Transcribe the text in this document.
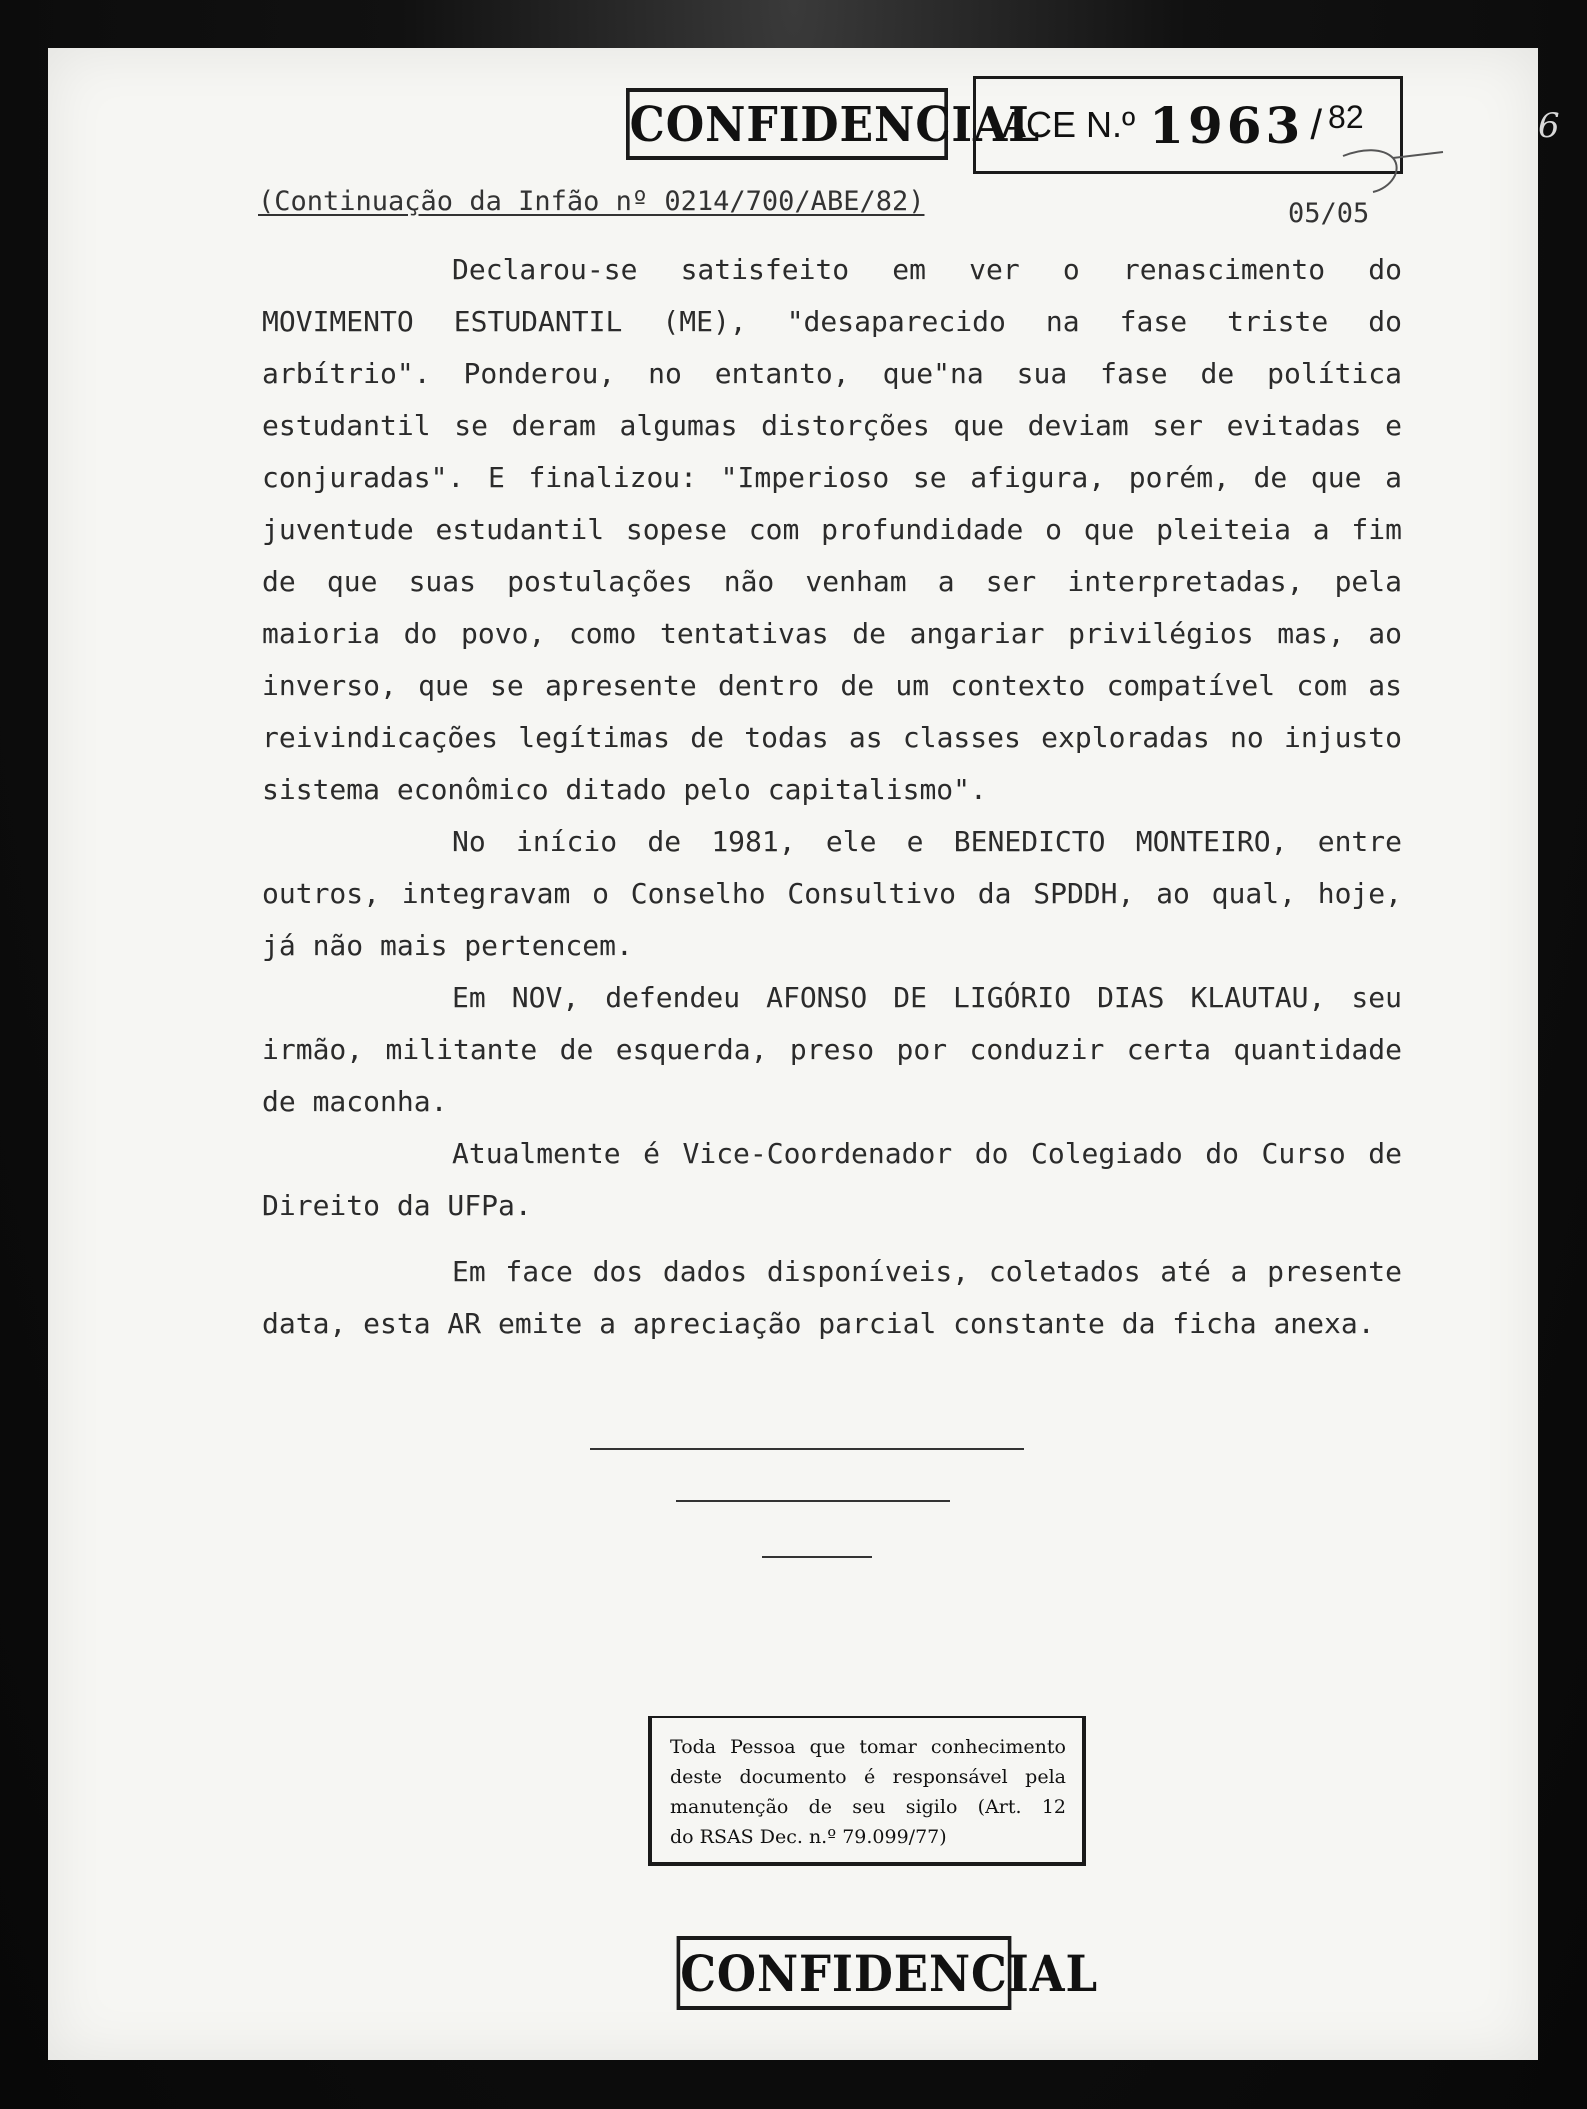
CONFIDENCIAL
ACE N.º 1963 / 82	6
(Continuação da Infão nº 0214/700/ABE/82)	05/05

Declarou-se satisfeito em ver o renascimento do MOVIMENTO ESTUDANTIL (ME), "desaparecido na fase triste do arbítrio". Ponderou, no entanto, que"na sua fase de política estudantil se deram algumas distorções que deviam ser evitadas e conjuradas". E finalizou: "Imperioso se afigura, porém, de que a juventude estudantil sopese com profundidade o que pleiteia a fim de que suas postulações não venham a ser interpretadas, pela maioria do povo, como tentativas de angariar privilégios mas, ao inverso, que se apresente dentro de um contexto compatível com as reivindicações legítimas de todas as classes exploradas no injusto sistema econômico ditado pelo capitalismo".

No início de 1981, ele e BENEDICTO MONTEIRO, entre outros, integravam o Conselho Consultivo da SPDDH, ao qual, hoje, já não mais pertencem.

Em NOV, defendeu AFONSO DE LIGÓRIO DIAS KLAUTAU, seu irmão, militante de esquerda, preso por conduzir certa quantidade de maconha.

Atualmente é Vice-Coordenador do Colegiado do Curso de Direito da UFPa.

Em face dos dados disponíveis, coletados até a presente data, esta AR emite a apreciação parcial constante da ficha anexa.

Toda Pessoa que tomar conhecimento
deste documento é responsável pela
manutenção de seu sigilo (Art. 12
do RSAS Dec. n.º 79.099/77)
CONFIDENCIAL
